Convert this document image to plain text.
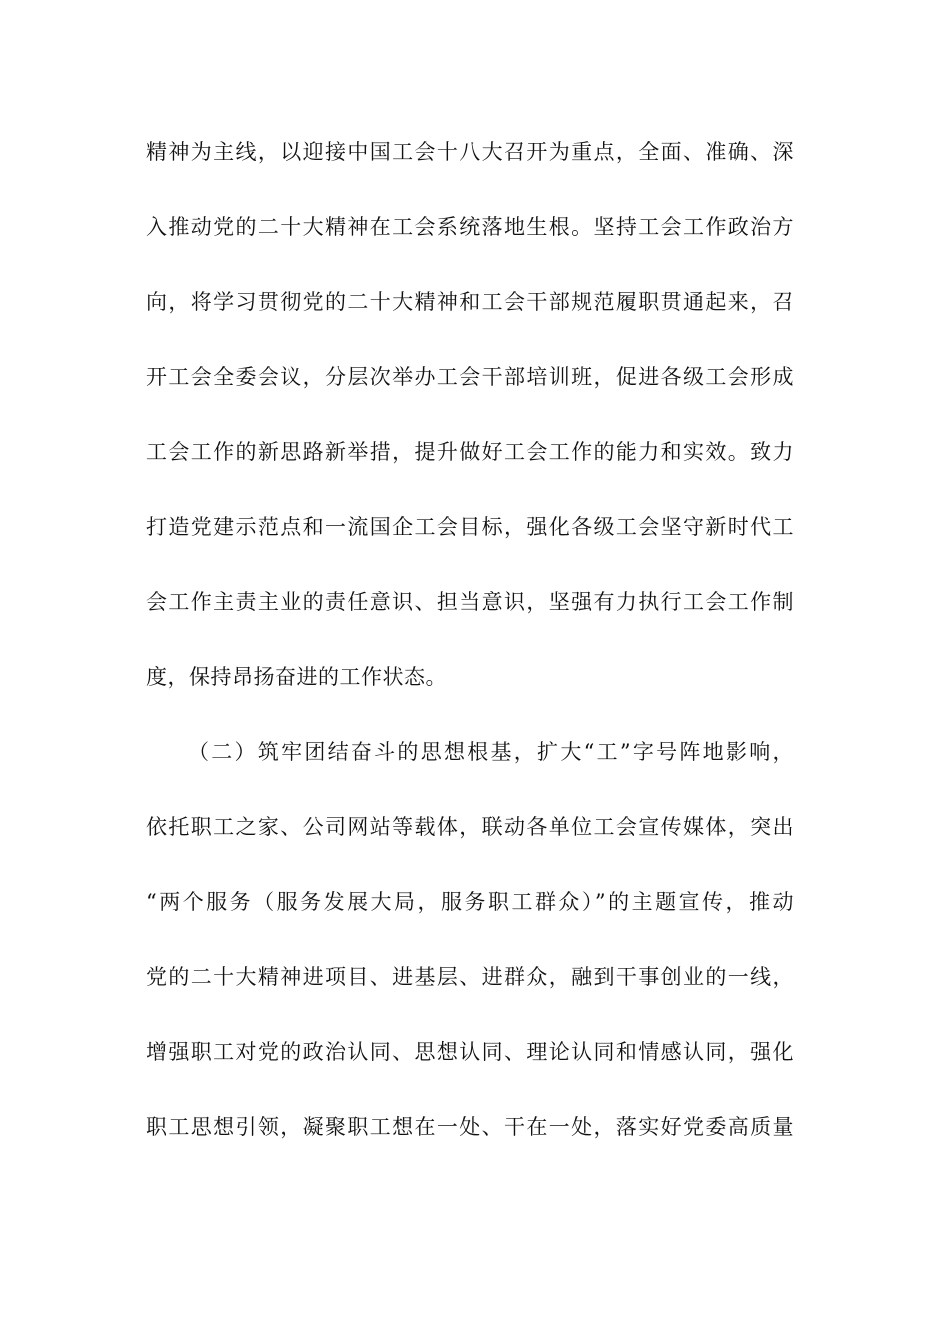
精神为主线，以迎接中国工会十八大召开为重点，全面、准确、深
入推动党的二十大精神在工会系统落地生根。坚持工会工作政治方
向，将学习贯彻党的二十大精神和工会干部规范履职贯通起来，召
开工会全委会议，分层次举办工会干部培训班，促进各级工会形成
工会工作的新思路新举措，提升做好工会工作的能力和实效。致力
打造党建示范点和一流国企工会目标，强化各级工会坚守新时代工
会工作主责主业的责任意识、担当意识，坚强有力执行工会工作制
度，保持昂扬奋进的工作状态。
（二）筑牢团结奋斗的思想根基，扩大“工”字号阵地影响，
依托职工之家、公司网站等载体，联动各单位工会宣传媒体，突出
“两个服务（服务发展大局，服务职工群众）”的主题宣传，推动
党的二十大精神进项目、进基层、进群众，融到干事创业的一线，
增强职工对党的政治认同、思想认同、理论认同和情感认同，强化
职工思想引领，凝聚职工想在一处、干在一处，落实好党委高质量
